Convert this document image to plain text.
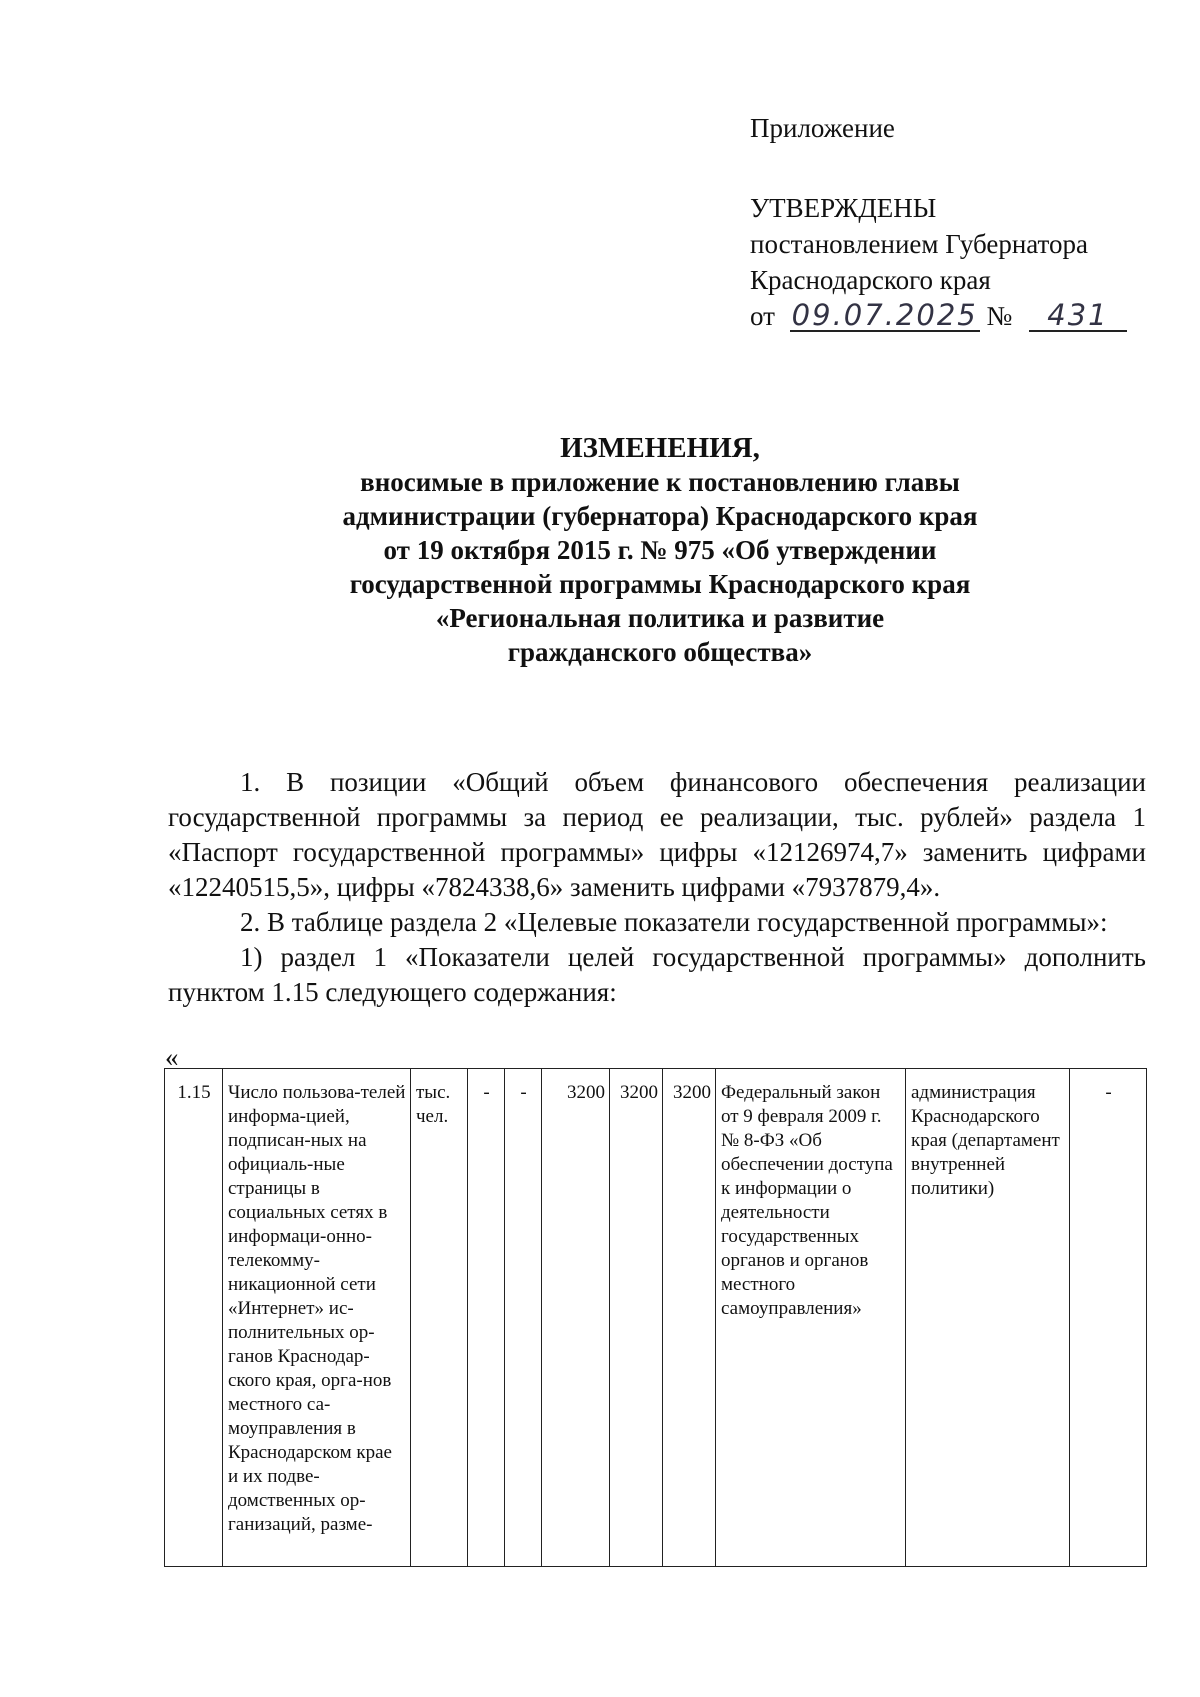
Приложение
УТВЕРЖДЕНЫ
постановлением Губернатора
Краснодарского края
от 09.07.2025 № 431
ИЗМЕНЕНИЯ,
вносимые в приложение к постановлению главы
администрации (губернатора) Краснодарского края
от 19 октября 2015 г. № 975 «Об утверждении
государственной программы Краснодарского края
«Региональная политика и развитие
гражданского общества»

1. В позиции «Общий объем финансового обеспечения реализации государственной программы за период ее реализации, тыс. рублей» раздела 1 «Паспорт государственной программы» цифры «12126974,7» заменить цифрами «12240515,5», цифры «7824338,6» заменить цифрами «7937879,4».

2. В таблице раздела 2 «Целевые показатели государственной программы»:

1) раздел 1 «Показатели целей государственной программы» дополнить пунктом 1.15 следующего содержания:

«
1.15	Число пользова-телей информа-цией, подписан-ных на официаль-ные страницы в социальных сетях в информаци-онно-телекомму-никационной сети «Интернет» ис-полнительных ор-ганов Краснодар-ского края, орга-нов местного са-моуправления в Краснодарском крае и их подве-домственных ор-ганизаций, разме-	тыс. чел.	-	-	3200	3200	3200	Федеральный закон от 9 февраля 2009 г. № 8-ФЗ «Об обеспечении доступа к информации о деятельности государственных органов и органов местного самоуправления»	администрация Краснодарского края (департамент внутренней политики)	-
